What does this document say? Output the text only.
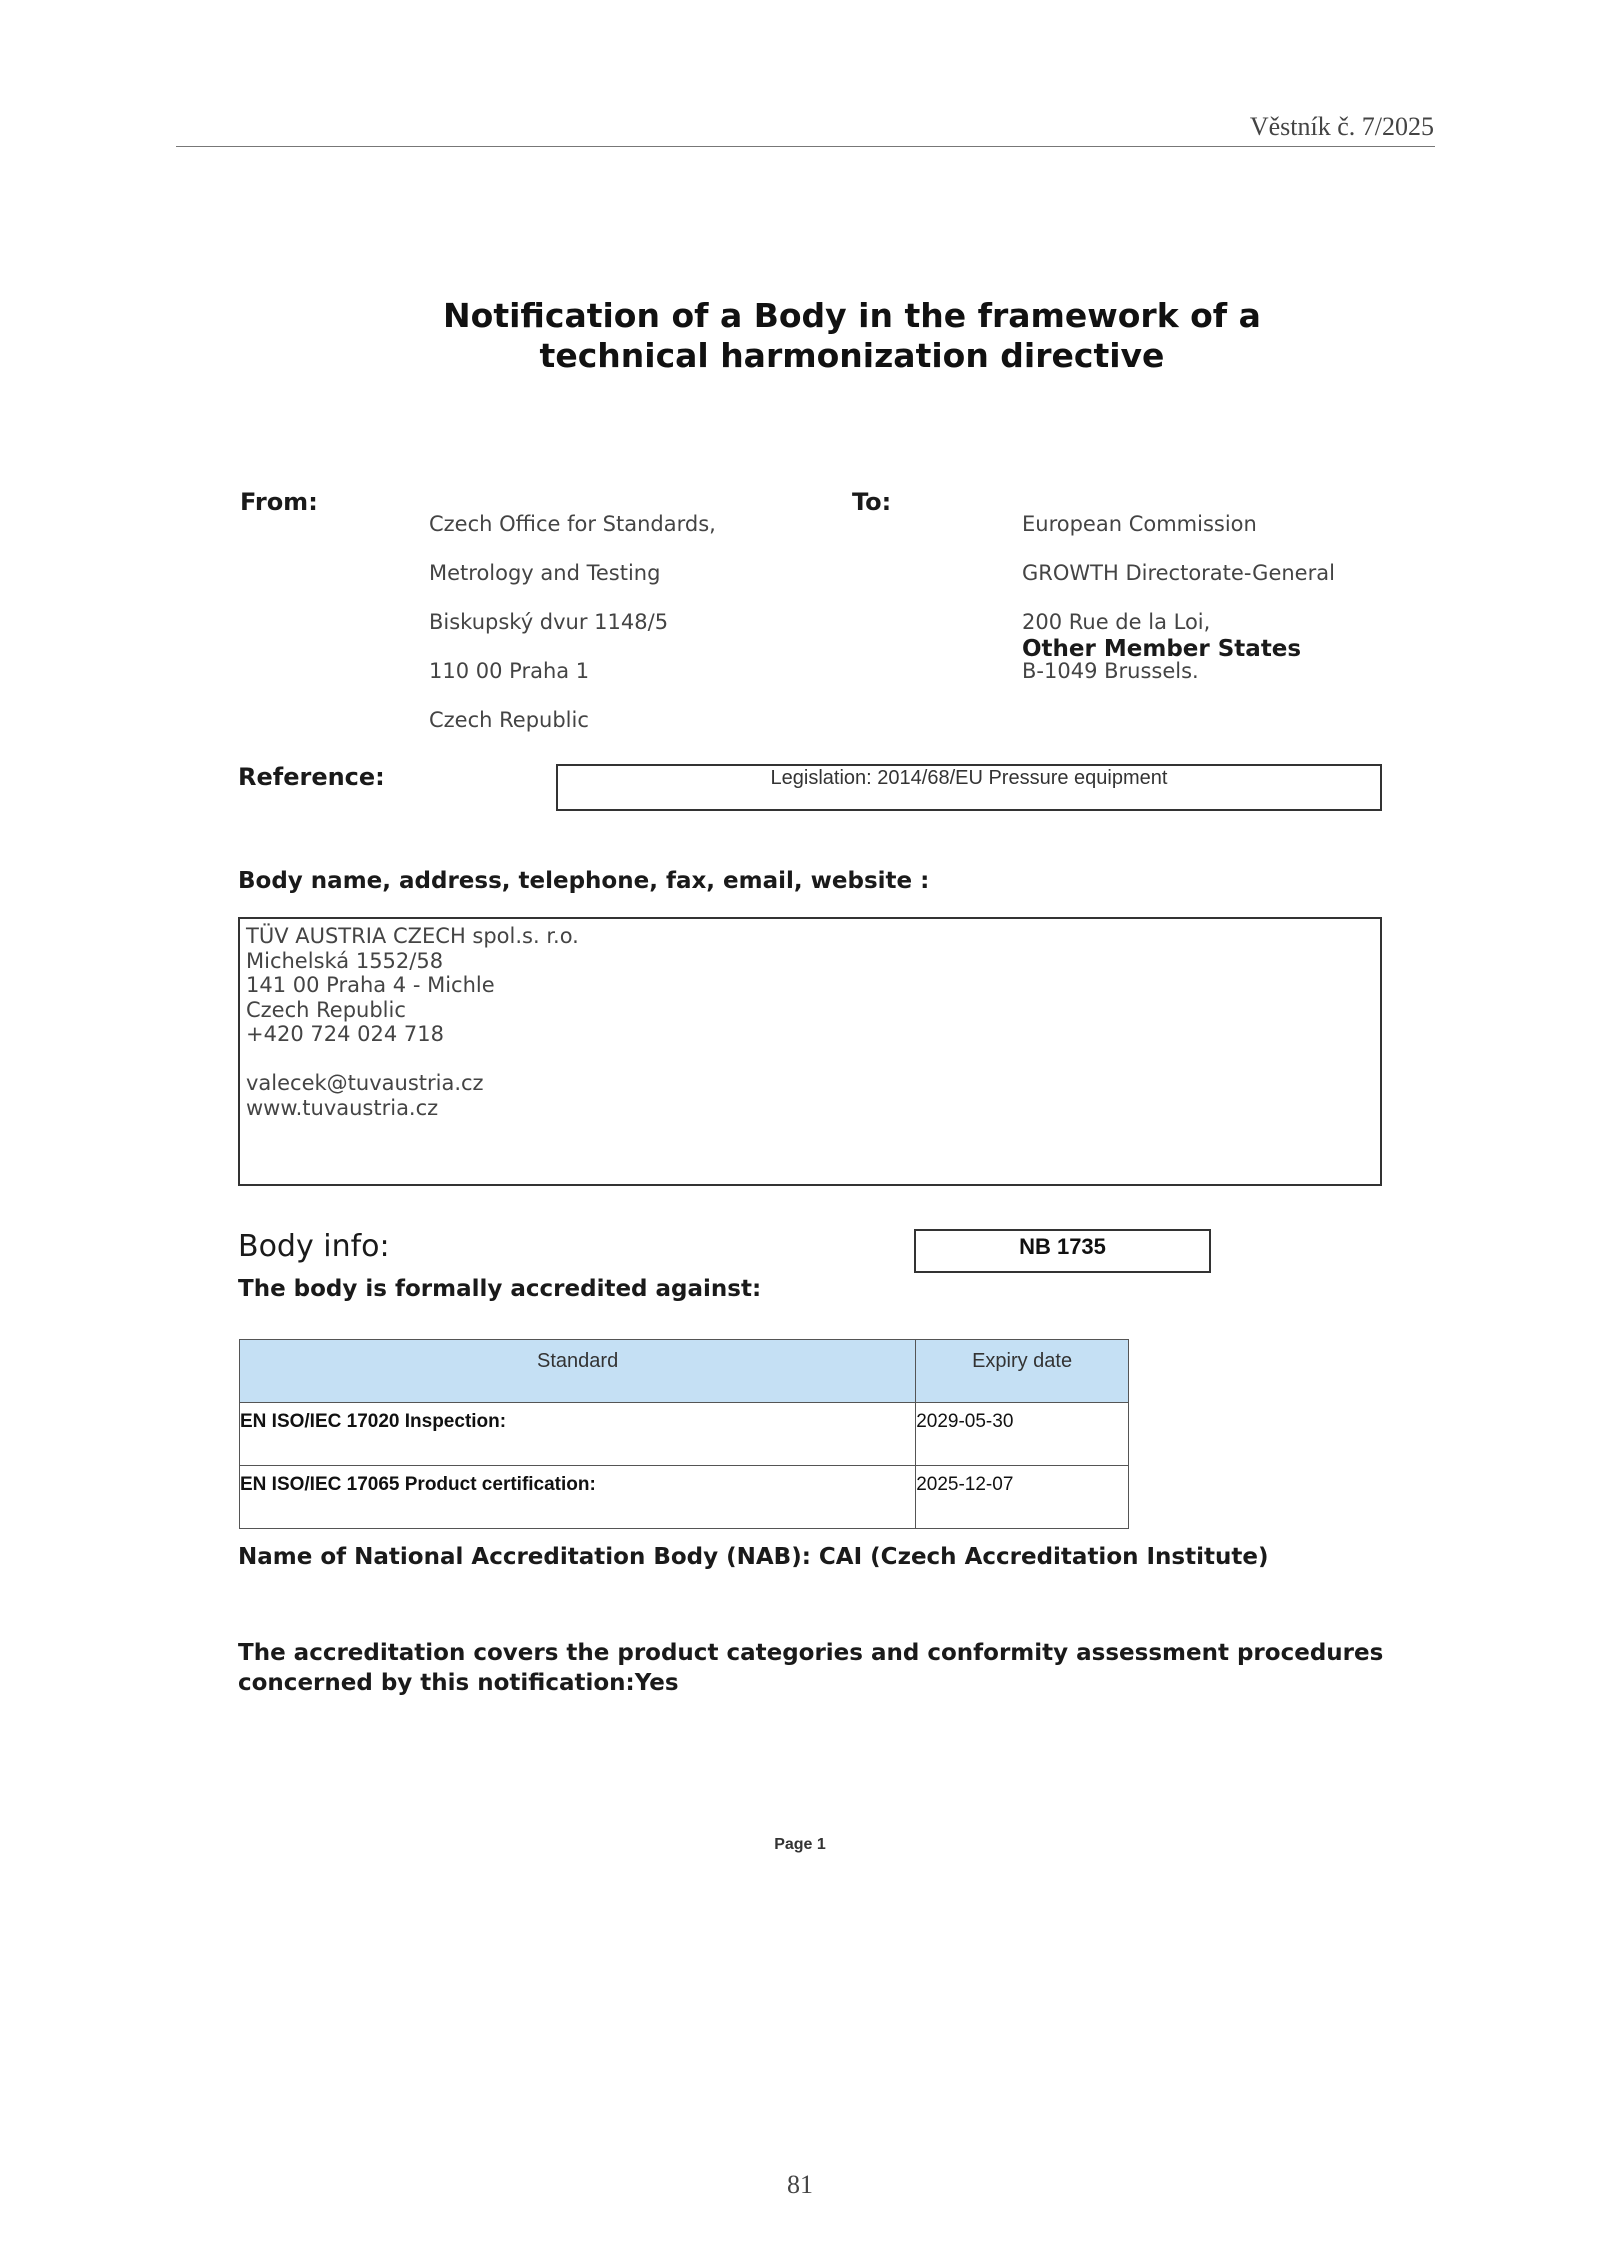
Věstník č. 7/2025
Notification of a Body in the framework of a
technical harmonization directive
From:

Czech Office for Standards,

Metrology and Testing

Biskupský dvur 1148/5

110 00 Praha 1

Czech Republic

To:

European Commission

GROWTH Directorate-General

200 Rue de la Loi,

B-1049 Brussels.

Other Member States
Reference:	Legislation: 2014/68/EU Pressure equipment
Body name, address, telephone, fax, email, website :
TÜV AUSTRIA CZECH spol.s. r.o.
Michelská 1552/58
141 00 Praha 4 - Michle
Czech Republic
+420 724 024 718
valecek@tuvaustria.cz
www.tuvaustria.cz
Body info:	NB 1735
The body is formally accredited against:
Standard	Expiry date
EN ISO/IEC 17020 Inspection:	2029-05-30
EN ISO/IEC 17065 Product certification:	2025-12-07
Name of National Accreditation Body (NAB): CAI (Czech Accreditation Institute)
The accreditation covers the product categories and conformity assessment procedures
concerned by this notification:Yes
Page 1
81
